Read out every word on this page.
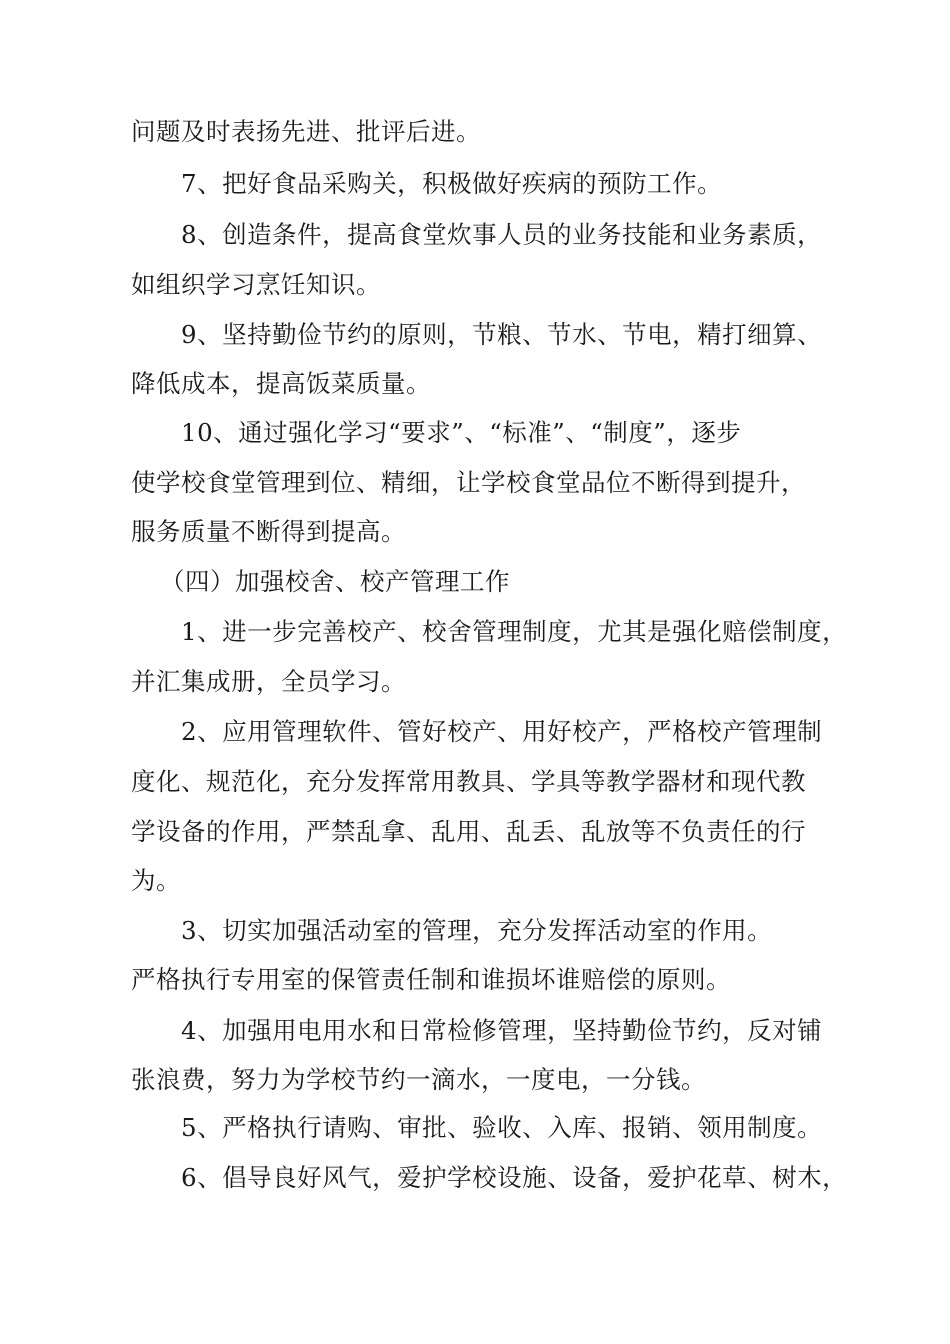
问题及时表扬先进、批评后进。
7、把好食品采购关，积极做好疾病的预防工作。
8、创造条件，提高食堂炊事人员的业务技能和业务素质，
如组织学习烹饪知识。
9、坚持勤俭节约的原则，节粮、节水、节电，精打细算、
降低成本，提高饭菜质量。
10、通过强化学习“要求”、“标准”、“制度”，逐步
使学校食堂管理到位、精细，让学校食堂品位不断得到提升，
服务质量不断得到提高。
（四）加强校舍、校产管理工作
1、进一步完善校产、校舍管理制度，尤其是强化赔偿制度，
并汇集成册，全员学习。
2、应用管理软件、管好校产、用好校产，严格校产管理制
度化、规范化，充分发挥常用教具、学具等教学器材和现代教
学设备的作用，严禁乱拿、乱用、乱丢、乱放等不负责任的行
为。
3、切实加强活动室的管理，充分发挥活动室的作用。
严格执行专用室的保管责任制和谁损坏谁赔偿的原则。
4、加强用电用水和日常检修管理，坚持勤俭节约，反对铺
张浪费，努力为学校节约一滴水，一度电，一分钱。
5、严格执行请购、审批、验收、入库、报销、领用制度。
6、倡导良好风气，爱护学校设施、设备，爱护花草、树木，
